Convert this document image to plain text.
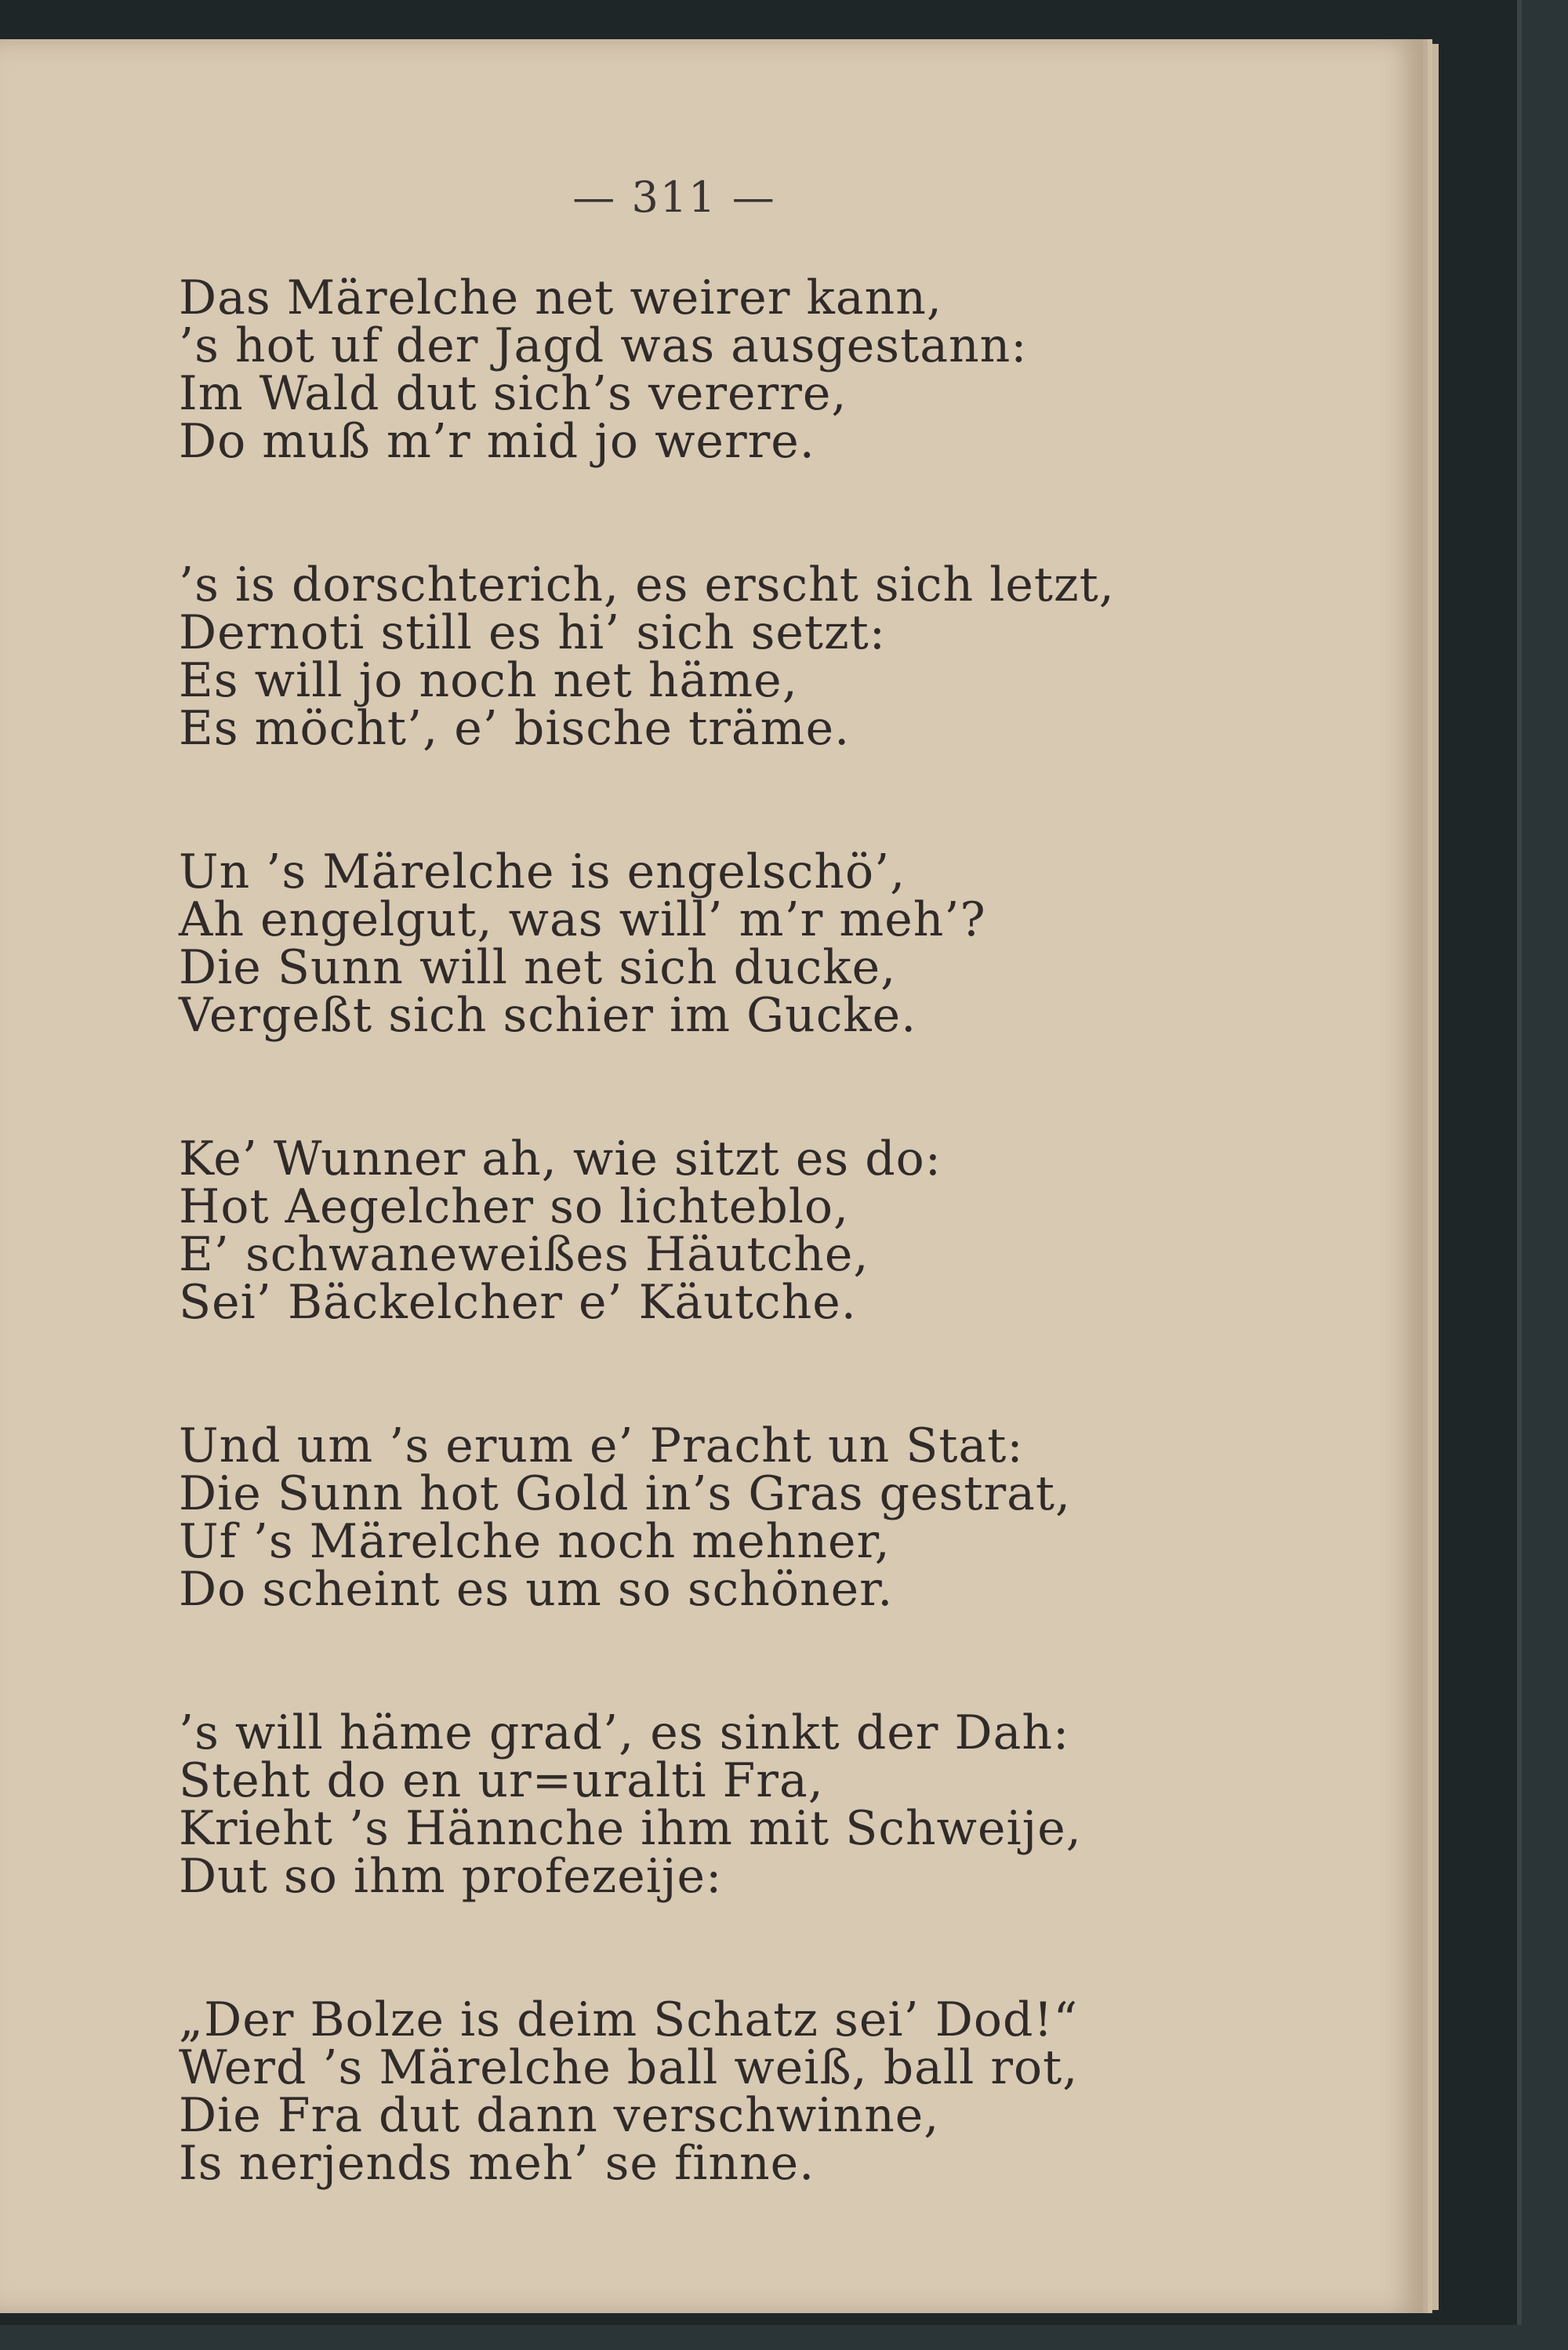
— 311 —
Das Märelche net weirer kann,
’s hot uf der Jagd was ausgestann:
Im Wald dut sich’s vererre,
Do muß m’r mid jo werre.
’s is dorschterich, es ersch​t sich letzt,
Dernoti still es hi’ sich setzt:
Es will jo noch net häme,
Es möcht’, e’ bische träme.
Un ’s Märelche is engelschö’,
Ah engelgut, was will’ m’r meh’?
Die Sunn will net sich ducke,
Vergeßt sich schier im Gucke.
Ke’ Wunner ah, wie sitzt es do:
Hot Aegelcher so lichteblo,
E’ schwaneweißes Häutche,
Sei’ Bäckelcher e’ Käutche.
Und um ’s erum e’ Pracht un Stat:
Die Sunn hot Gold in’s Gras gestrat,
Uf ’s Märelche noch mehner,
Do scheint es um so schöner.
’s will häme grad’, es sinkt der Dah:
Steht do en ur=uralti Fra,
Krieht ’s Hännche ihm mit Schweije,
Dut so ihm profezeije:
„Der Bolze is deim Schatz sei’ Dod!“
Werd ’s Märelche ball weiß, ball rot,
Die Fra dut dann verschwinne,
Is nerjends meh’ se finne.
